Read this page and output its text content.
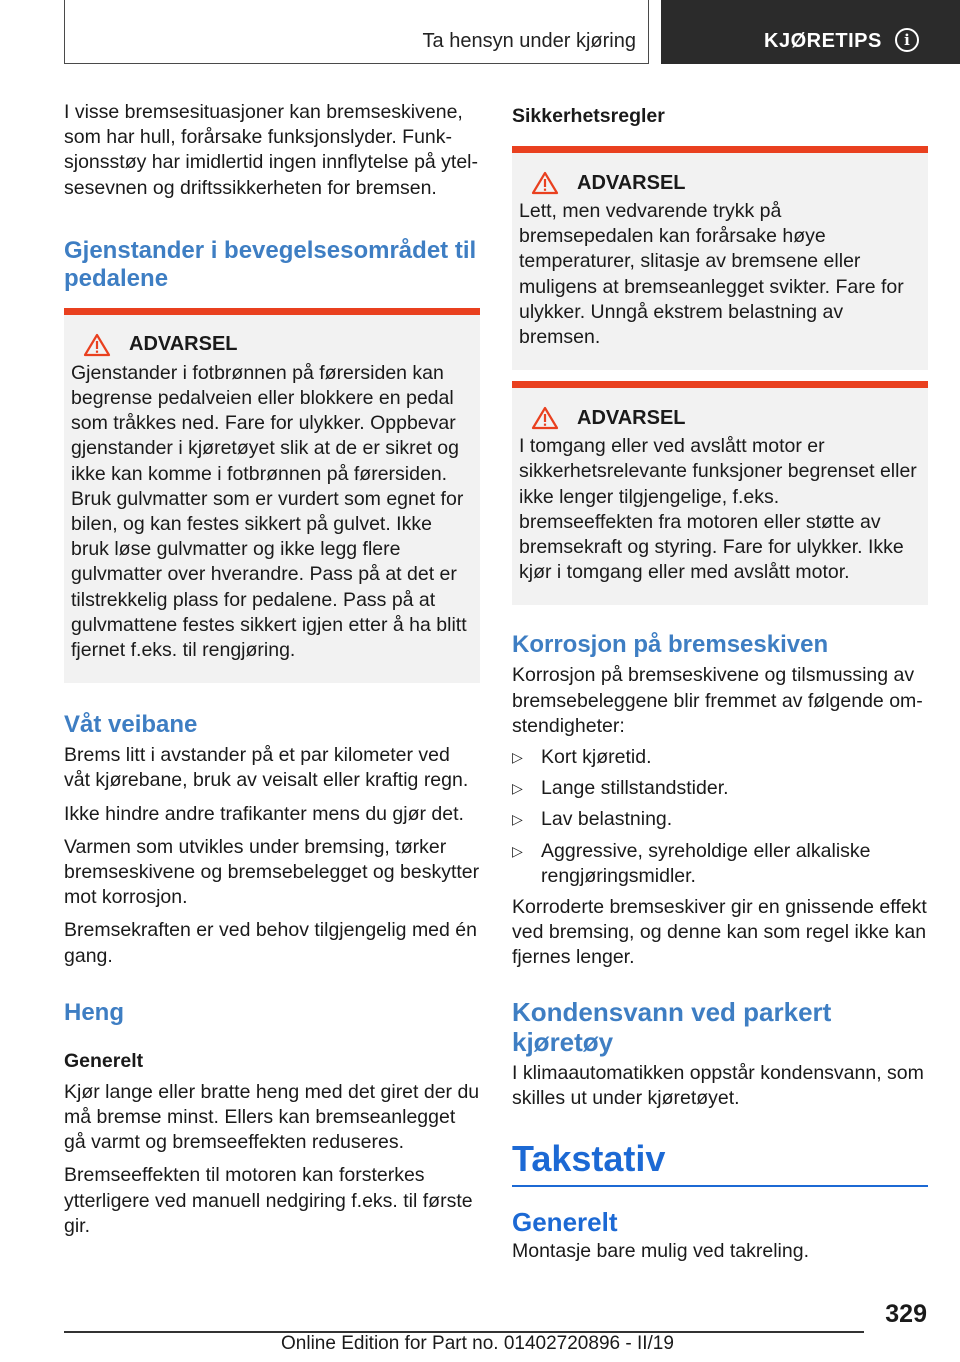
Ta hensyn under kjøring	KJØRETIPS	i

I visse bremsesituasjoner kan bremseskivene, som har hull, forårsake funksjonslyder. Funksjonsstøy har imidlertid ingen innflytelse på ytelsesevnen og driftssikkerheten for bremsen.

Gjenstander i bevegelsesområdet til pedalene
ADVARSEL

Gjenstander i fotbrønnen på førersiden kan begrense pedalveien eller blokkere en pedal som tråkkes ned. Fare for ulykker. Oppbevar gjenstander i kjøretøyet slik at de er sikret og ikke kan komme i fotbrønnen på førersiden. Bruk gulvmatter som er vurdert som egnet for bilen, og kan festes sikkert på gulvet. Ikke bruk løse gulvmatter og ikke legg flere gulvmatter over hverandre. Pass på at det er tilstrekkelig plass for pedalene. Pass på at gulvmattene festes sikkert igjen etter å ha blitt fjernet f.eks. til rengjøring.

Våt veibane

Brems litt i avstander på et par kilometer ved våt kjørebane, bruk av veisalt eller kraftig regn.

Ikke hindre andre trafikanter mens du gjør det.

Varmen som utvikles under bremsing, tørker bremseskivene og bremsebelegget og beskytter mot korrosjon.

Bremsekraften er ved behov tilgjengelig med én gang.

Heng
Generelt

Kjør lange eller bratte heng med det giret der du må bremse minst. Ellers kan bremseanlegget gå varmt og bremseeffekten reduseres.

Bremseeffekten til motoren kan forsterkes ytterligere ved manuell nedgiring f.eks. til første gir.

Sikkerhetsregler
ADVARSEL

Lett, men vedvarende trykk på bremsepedalen kan forårsake høye temperaturer, slitasje av bremsene eller muligens at bremseanlegget svikter. Fare for ulykker. Unngå ekstrem belastning av bremsen.

ADVARSEL

I tomgang eller ved avslått motor er sikkerhetsrelevante funksjoner begrenset eller ikke lenger tilgjengelige, f.eks. bremseeffekten fra motoren eller støtte av bremsekraft og styring. Fare for ulykker. Ikke kjør i tomgang eller med avslått motor.

Korrosjon på bremseskiven

Korrosjon på bremseskivene og tilsmussing av bremsebeleggene blir fremmet av følgende omstendigheter:

▷ Kort kjøretid.
▷ Lange stillstandstider.
▷ Lav belastning.
▷ Aggressive, syreholdige eller alkaliske rengjøringsmidler.

Korroderte bremseskiver gir en gnissende effekt ved bremsing, og denne kan som regel ikke kan fjernes lenger.

Kondensvann ved parkert kjøretøy

I klimaautomatikken oppstår kondensvann, som skilles ut under kjøretøyet.

Takstativ
Generelt

Montasje bare mulig ved takreling.

329
Online Edition for Part no. 01402720896 - II/19
